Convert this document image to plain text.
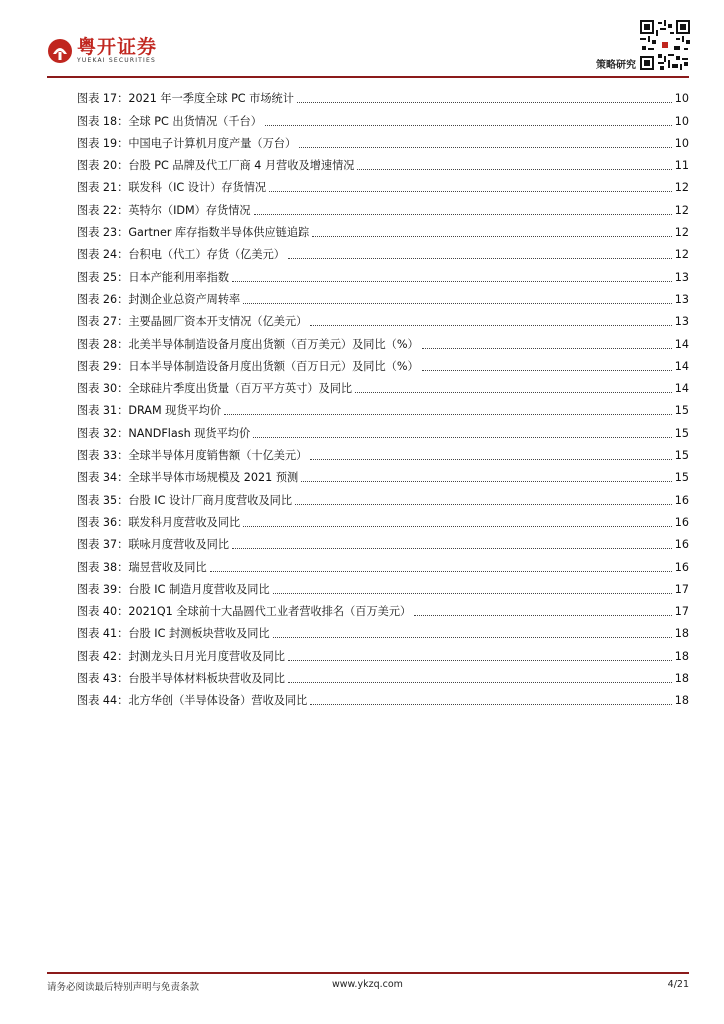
粤开证券
YUEKAI SECURITIES	策略研究
图表 17：2021 年一季度全球 PC 市场统计	10
图表 18：全球 PC 出货情况（千台）	10
图表 19：中国电子计算机月度产量（万台）	10
图表 20：台股 PC 品牌及代工厂商 4 月营收及增速情况	11
图表 21：联发科（IC 设计）存货情况	12
图表 22：英特尔（IDM）存货情况	12
图表 23：Gartner 库存指数半导体供应链追踪	12
图表 24：台积电（代工）存货（亿美元）	12
图表 25：日本产能利用率指数	13
图表 26：封测企业总资产周转率	13
图表 27：主要晶圆厂资本开支情况（亿美元）	13
图表 28：北美半导体制造设备月度出货额（百万美元）及同比（%）	14
图表 29：日本半导体制造设备月度出货额（百万日元）及同比（%）	14
图表 30：全球硅片季度出货量（百万平方英寸）及同比	14
图表 31：DRAM 现货平均价	15
图表 32：NANDFlash 现货平均价	15
图表 33：全球半导体月度销售额（十亿美元）	15
图表 34：全球半导体市场规模及 2021 预测	15
图表 35：台股 IC 设计厂商月度营收及同比	16
图表 36：联发科月度营收及同比	16
图表 37：联咏月度营收及同比	16
图表 38：瑞昱营收及同比	16
图表 39：台股 IC 制造月度营收及同比	17
图表 40：2021Q1 全球前十大晶圆代工业者营收排名（百万美元）	17
图表 41：台股 IC 封测板块营收及同比	18
图表 42：封测龙头日月光月度营收及同比	18
图表 43：台股半导体材料板块营收及同比	18
图表 44：北方华创（半导体设备）营收及同比	18
请务必阅读最后特别声明与免责条款	www.ykzq.com	4/21
